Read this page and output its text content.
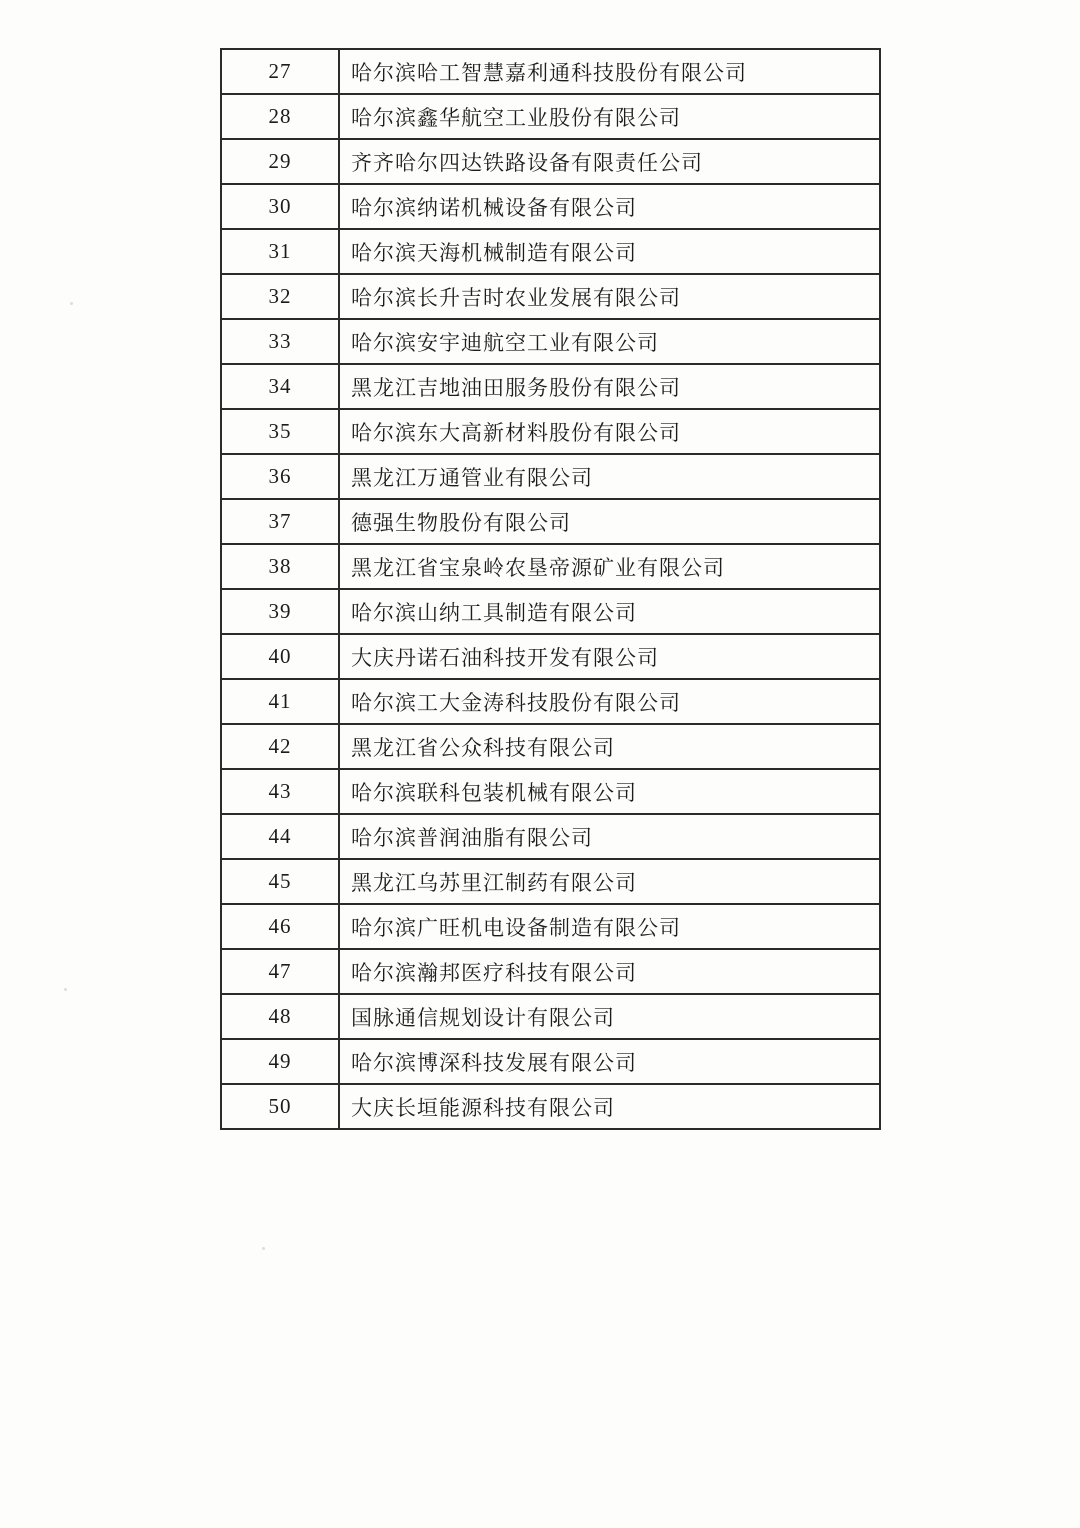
27	哈尔滨哈工智慧嘉利通科技股份有限公司
28	哈尔滨鑫华航空工业股份有限公司
29	齐齐哈尔四达铁路设备有限责任公司
30	哈尔滨纳诺机械设备有限公司
31	哈尔滨天海机械制造有限公司
32	哈尔滨长升吉时农业发展有限公司
33	哈尔滨安宇迪航空工业有限公司
34	黑龙江吉地油田服务股份有限公司
35	哈尔滨东大高新材料股份有限公司
36	黑龙江万通管业有限公司
37	德强生物股份有限公司
38	黑龙江省宝泉岭农垦帝源矿业有限公司
39	哈尔滨山纳工具制造有限公司
40	大庆丹诺石油科技开发有限公司
41	哈尔滨工大金涛科技股份有限公司
42	黑龙江省公众科技有限公司
43	哈尔滨联科包装机械有限公司
44	哈尔滨普润油脂有限公司
45	黑龙江乌苏里江制药有限公司
46	哈尔滨广旺机电设备制造有限公司
47	哈尔滨瀚邦医疗科技有限公司
48	国脉通信规划设计有限公司
49	哈尔滨博深科技发展有限公司
50	大庆长垣能源科技有限公司
